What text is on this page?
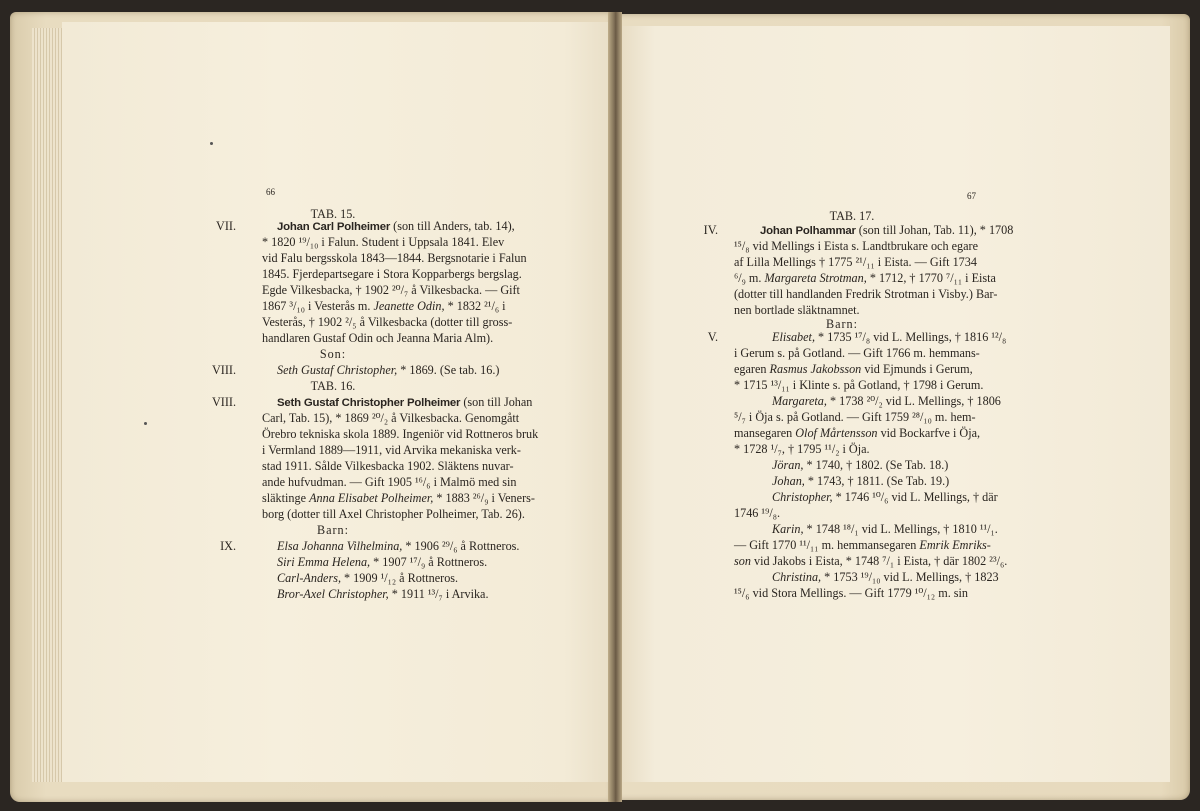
66
TAB. 15.
VII.	Johan Carl Polheimer (son till Anders, tab. 14),
* 1820 ¹⁹/₁₀ i Falun. Student i Uppsala 1841. Elev
vid Falu bergsskola 1843—1844. Bergsnotarie i Falun
1845. Fjerdepartsegare i Stora Kopparbergs bergslag.
Egde Vilkesbacka, † 1902 ²⁰/₇ å Vilkesbacka. — Gift
1867 ³/₁₀ i Vesterås m. Jeanette Odin, * 1832 ²¹/₆ i
Vesterås, † 1902 ²/₅ å Vilkesbacka (dotter till gross-
handlaren Gustaf Odin och Jeanna Maria Alm).
Son:
VIII.	Seth Gustaf Christopher, * 1869. (Se tab. 16.)
TAB. 16.
VIII.	Seth Gustaf Christopher Polheimer (son till Johan
Carl, Tab. 15), * 1869 ²⁰/₂ å Vilkesbacka. Genomgått
Örebro tekniska skola 1889. Ingeniör vid Rottneros bruk
i Vermland 1889—1911, vid Arvika mekaniska verk-
stad 1911. Sålde Vilkesbacka 1902. Släktens nuvar-
ande hufvudman. — Gift 1905 ¹⁶/₆ i Malmö med sin
släktinge Anna Elisabet Polheimer, * 1883 ²⁶/₉ i Veners-
borg (dotter till Axel Christopher Polheimer, Tab. 26).
Barn:
IX.	Elsa Johanna Vilhelmina, * 1906 ²⁹/₆ å Rottneros.
Siri Emma Helena, * 1907 ¹⁷/₉ å Rottneros.
Carl-Anders, * 1909 ¹/₁₂ å Rottneros.
Bror-Axel Christopher, * 1911 ¹³/₇ i Arvika.
67
TAB. 17.
IV.	Johan Polhammar (son till Johan, Tab. 11), * 1708
¹⁵/₈ vid Mellings i Eista s. Landtbrukare och egare
af Lilla Mellings † 1775 ²¹/₁₁ i Eista. — Gift 1734
⁶/₉ m. Margareta Strotman, * 1712, † 1770 ⁷/₁₁ i Eista
(dotter till handlanden Fredrik Strotman i Visby.) Bar-
nen bortlade släktnamnet.
Barn:
V.	Elisabet, * 1735 ¹⁷/₈ vid L. Mellings, † 1816 ¹²/₈
i Gerum s. på Gotland. — Gift 1766 m. hemmans-
egaren Rasmus Jakobsson vid Ejmunds i Gerum,
* 1715 ¹³/₁₁ i Klinte s. på Gotland, † 1798 i Gerum.
Margareta, * 1738 ²⁰/₂ vid L. Mellings, † 1806
⁵/₇ i Öja s. på Gotland. — Gift 1759 ²⁸/₁₀ m. hem-
mansegaren Olof Mårtensson vid Bockarfve i Öja,
* 1728 ¹/₇, † 1795 ¹¹/₂ i Öja.
Jöran, * 1740, † 1802. (Se Tab. 18.)
Johan, * 1743, † 1811. (Se Tab. 19.)
Christopher, * 1746 ¹⁰/₆ vid L. Mellings, † där
1746 ¹⁹/₈.
Karin, * 1748 ¹⁸/₁ vid L. Mellings, † 1810 ¹¹/₁.
— Gift 1770 ¹¹/₁₁ m. hemmansegaren Emrik Emriks-
son vid Jakobs i Eista, * 1748 ⁷/₁ i Eista, † där 1802 ²³/₆.
Christina, * 1753 ¹⁹/₁₀ vid L. Mellings, † 1823
¹⁵/₆ vid Stora Mellings. — Gift 1779 ¹⁰/₁₂ m. sin
